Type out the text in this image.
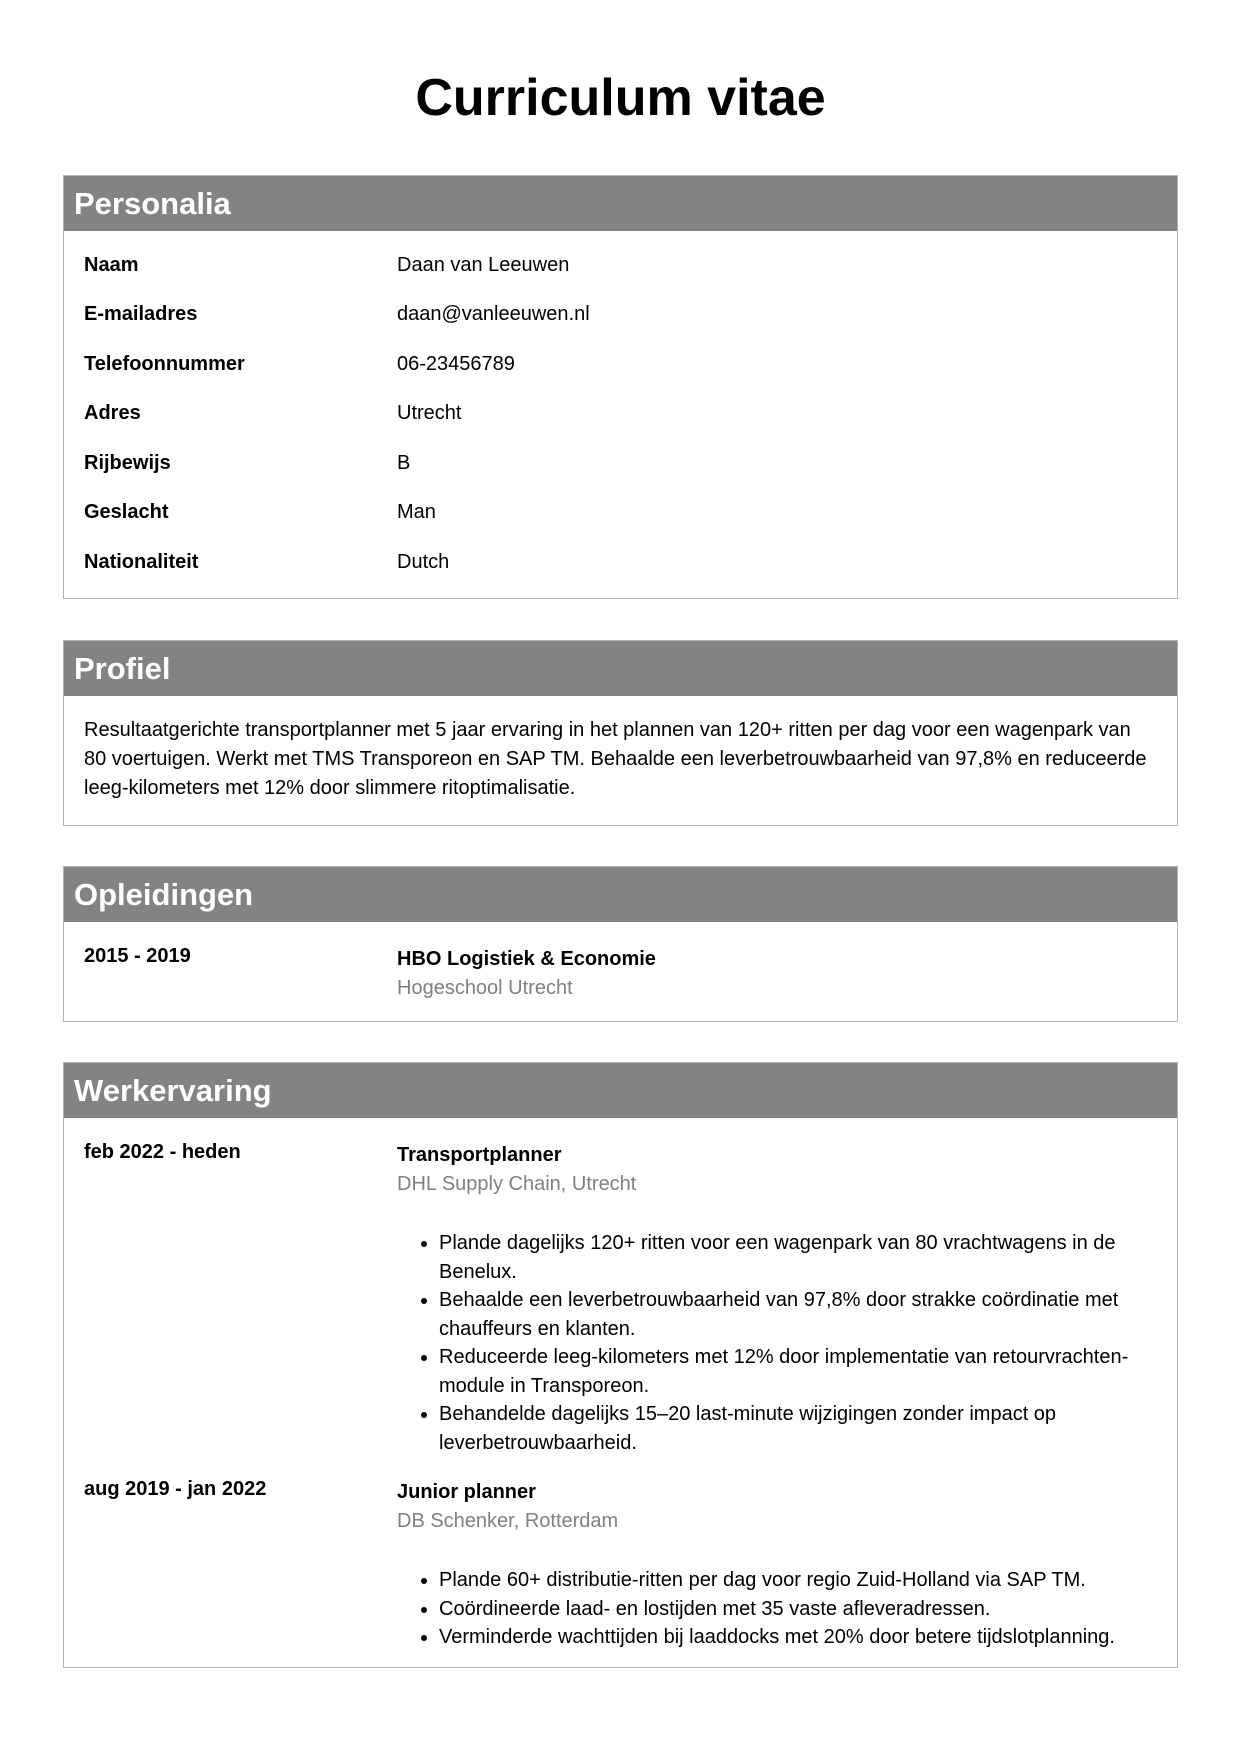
Curriculum vitae
Personalia
Naam	Daan van Leeuwen
E-mailadres	daan@vanleeuwen.nl
Telefoonnummer	06-23456789
Adres	Utrecht
Rijbewijs	B
Geslacht	Man
Nationaliteit	Dutch
Profiel
Resultaatgerichte transportplanner met 5 jaar ervaring in het plannen van 120+ ritten per dag voor een wagenpark van 80 voertuigen. Werkt met TMS Transporeon en SAP TM. Behaalde een leverbetrouwbaarheid van 97,8% en reduceerde leeg-kilometers met 12% door slimmere ritoptimalisatie.
Opleidingen
2015 - 2019	HBO Logistiek & Economie
Hogeschool Utrecht
Werkervaring
feb 2022 - heden	Transportplanner
DHL Supply Chain, Utrecht
• Plande dagelijks 120+ ritten voor een wagenpark van 80 vrachtwagens in de Benelux.
• Behaalde een leverbetrouwbaarheid van 97,8% door strakke coördinatie met chauffeurs en klanten.
• Reduceerde leeg-kilometers met 12% door implementatie van retourvrachten-module in Transporeon.
• Behandelde dagelijks 15–20 last-minute wijzigingen zonder impact op leverbetrouwbaarheid.
aug 2019 - jan 2022	Junior planner
DB Schenker, Rotterdam
• Plande 60+ distributie-ritten per dag voor regio Zuid-Holland via SAP TM.
• Coördineerde laad- en lostijden met 35 vaste afleveradressen.
• Verminderde wachttijden bij laaddocks met 20% door betere tijdslotplanning.
